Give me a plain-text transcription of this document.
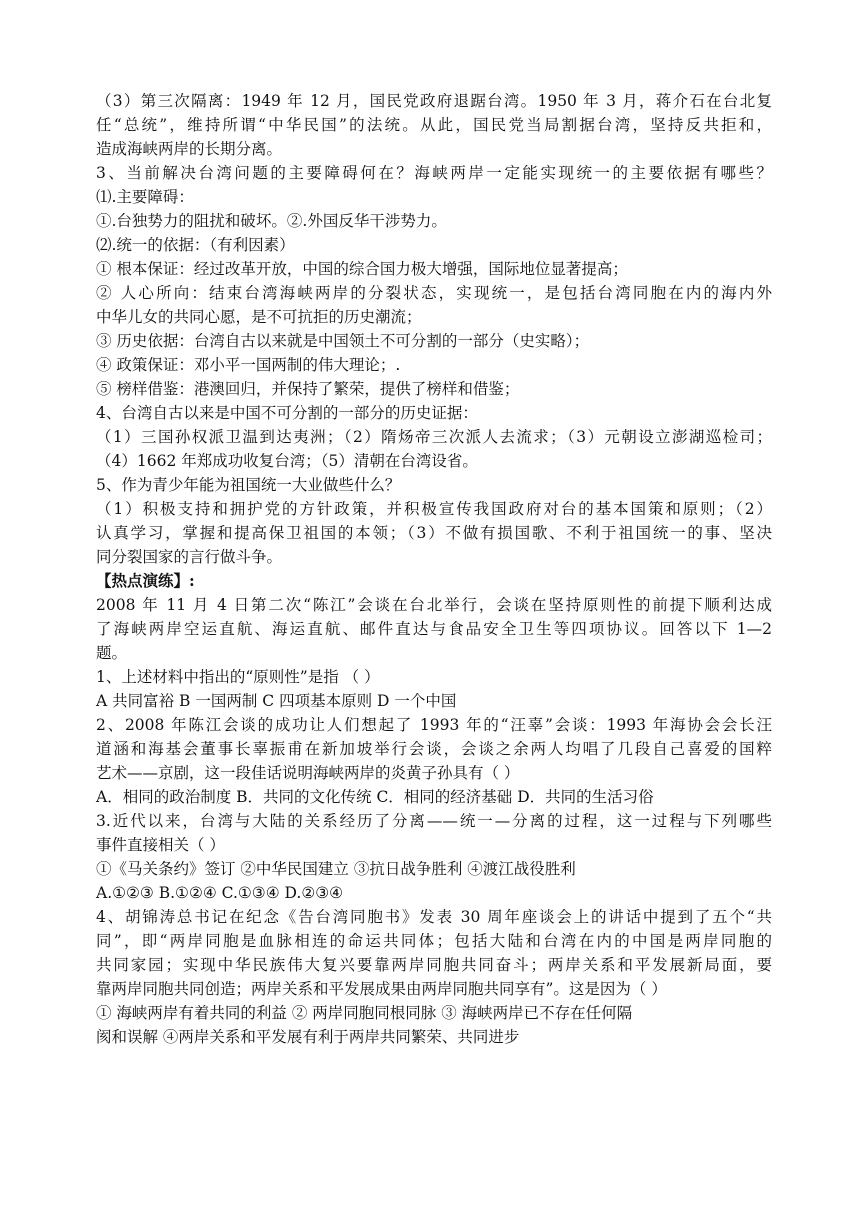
（3）第三次隔离：1949 年 12 月，国民党政府退踞台湾。1950 年 3 月，蒋介石在台北复
任“总统”，维持所谓“中华民国”的法统。从此，国民党当局割据台湾，坚持反共拒和，
造成海峡两岸的长期分离。
3、当前解决台湾问题的主要障碍何在？海峡两岸一定能实现统一的主要依据有哪些？
⑴.主要障碍：
①.台独势力的阻扰和破坏。②.外国反华干涉势力。
⑵.统一的依据：（有利因素）
① 根本保证：经过改革开放，中国的综合国力极大增强，国际地位显著提高；
② 人心所向：结束台湾海峡两岸的分裂状态，实现统一，是包括台湾同胞在内的海内外
中华儿女的共同心愿，是不可抗拒的历史潮流；
③ 历史依据：台湾自古以来就是中国领土不可分割的一部分（史实略）；
④ 政策保证：邓小平一国两制的伟大理论；.
⑤ 榜样借鉴：港澳回归，并保持了繁荣，提供了榜样和借鉴；
4、台湾自古以来是中国不可分割的一部分的历史证据：
（1）三国孙权派卫温到达夷洲；（2）隋炀帝三次派人去流求；（3）元朝设立澎湖巡检司；
（4）1662 年郑成功收复台湾；（5）清朝在台湾设省。
5、作为青少年能为祖国统一大业做些什么？
（1）积极支持和拥护党的方针政策，并积极宣传我国政府对台的基本国策和原则；（2）
认真学习，掌握和提高保卫祖国的本领；（3）不做有损国歌、不利于祖国统一的事、坚决
同分裂国家的言行做斗争。
【热点演练】:
2008 年 11 月 4 日第二次“陈江”会谈在台北举行，会谈在坚持原则性的前提下顺利达成
了海峡两岸空运直航、海运直航、邮件直达与食品安全卫生等四项协议。回答以下 1—2
题。
1、上述材料中指出的“原则性”是指 （ ）
A 共同富裕 B 一国两制 C 四项基本原则 D 一个中国
2、2008 年陈江会谈的成功让人们想起了 1993 年的“汪辜”会谈：1993 年海协会会长汪
道涵和海基会董事长辜振甫在新加坡举行会谈，会谈之余两人均唱了几段自己喜爱的国粹
艺术——京剧，这一段佳话说明海峡两岸的炎黄子孙具有（ ）
A．相同的政治制度 B．共同的文化传统 C．相同的经济基础 D．共同的生活习俗
3.近代以来，台湾与大陆的关系经历了分离——统一—分离的过程，这一过程与下列哪些
事件直接相关（ ）
①《马关条约》签订 ②中华民国建立 ③抗日战争胜利 ④渡江战役胜利
A.①②③ B.①②④ C.①③④ D.②③④
4、胡锦涛总书记在纪念《告台湾同胞书》发表 30 周年座谈会上的讲话中提到了五个“共
同”，即“两岸同胞是血脉相连的命运共同体；包括大陆和台湾在内的中国是两岸同胞的
共同家园；实现中华民族伟大复兴要靠两岸同胞共同奋斗；两岸关系和平发展新局面，要
靠两岸同胞共同创造；两岸关系和平发展成果由两岸同胞共同享有”。这是因为（ ）
① 海峡两岸有着共同的利益 ② 两岸同胞同根同脉 ③ 海峡两岸已不存在任何隔
阂和误解 ④两岸关系和平发展有利于两岸共同繁荣、共同进步
